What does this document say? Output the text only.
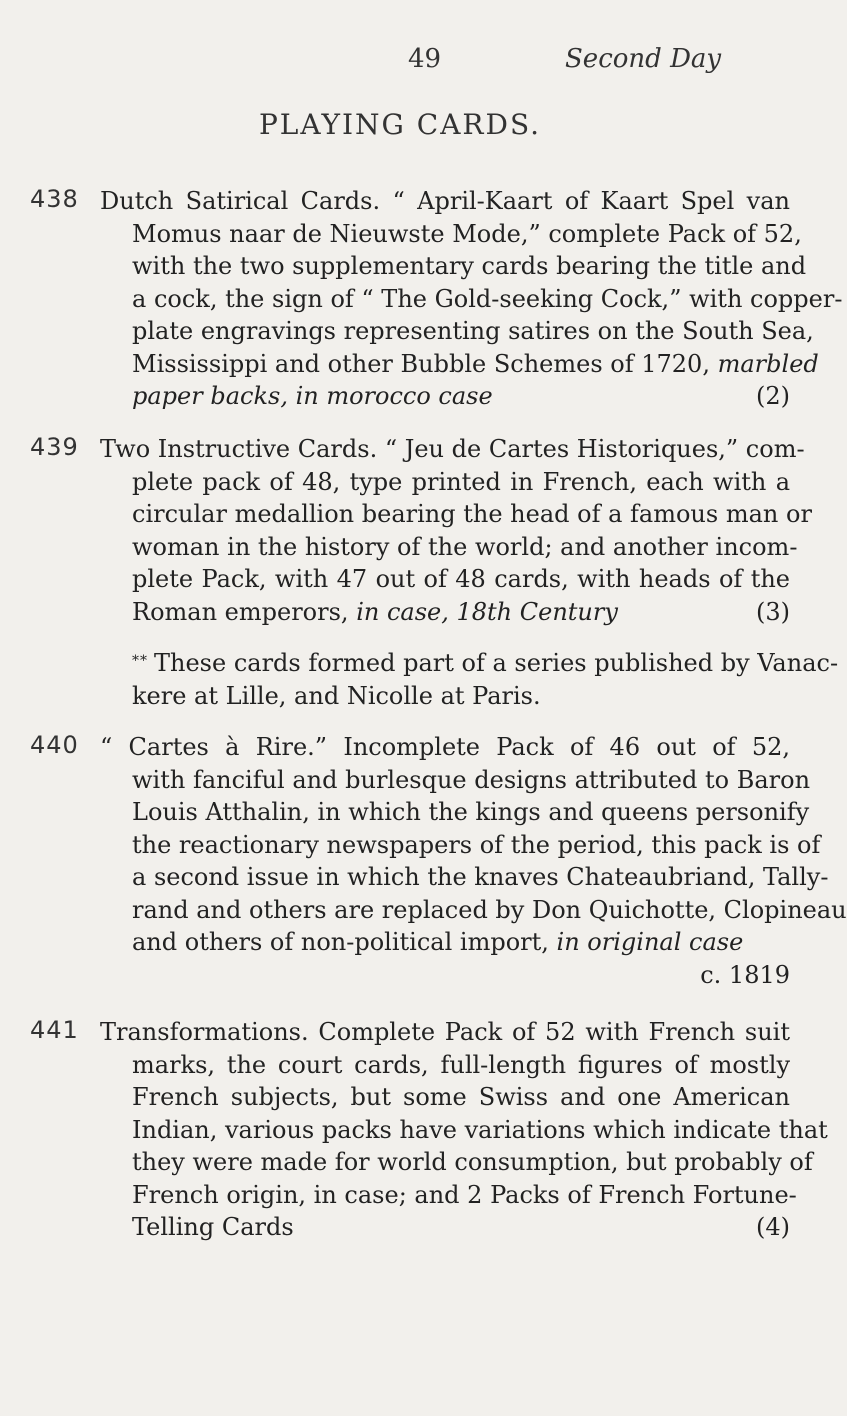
49	Second Day
PLAYING CARDS.
438 Dutch Satirical Cards. “ April-Kaart of Kaart Spel van
Momus naar de Nieuwste Mode,” complete Pack of 52,
with the two supplementary cards bearing the title and
a cock, the sign of “ The Gold-seeking Cock,” with copper-
plate engravings representing satires on the South Sea,
Mississippi and other Bubble Schemes of 1720, marbled
paper backs, in morocco case	(2)
439 Two Instructive Cards. “ Jeu de Cartes Historiques,” com-
plete pack of 48, type printed in French, each with a
circular medallion bearing the head of a famous man or
woman in the history of the world; and another incom-
plete Pack, with 47 out of 48 cards, with heads of the
Roman emperors, in case, 18th Century	(3)
** These cards formed part of a series published by Vanac-
kere at Lille, and Nicolle at Paris.
440 “ Cartes à Rire.” Incomplete Pack of 46 out of 52,
with fanciful and burlesque designs attributed to Baron
Louis Atthalin, in which the kings and queens personify
the reactionary newspapers of the period, this pack is of
a second issue in which the knaves Chateaubriand, Tally-
rand and others are replaced by Don Quichotte, Clopineau
and others of non-political import, in original case
c. 1819
441 Transformations. Complete Pack of 52 with French suit
marks, the court cards, full-length figures of mostly
French subjects, but some Swiss and one American
Indian, various packs have variations which indicate that
they were made for world consumption, but probably of
French origin, in case; and 2 Packs of French Fortune-
Telling Cards	(4)
